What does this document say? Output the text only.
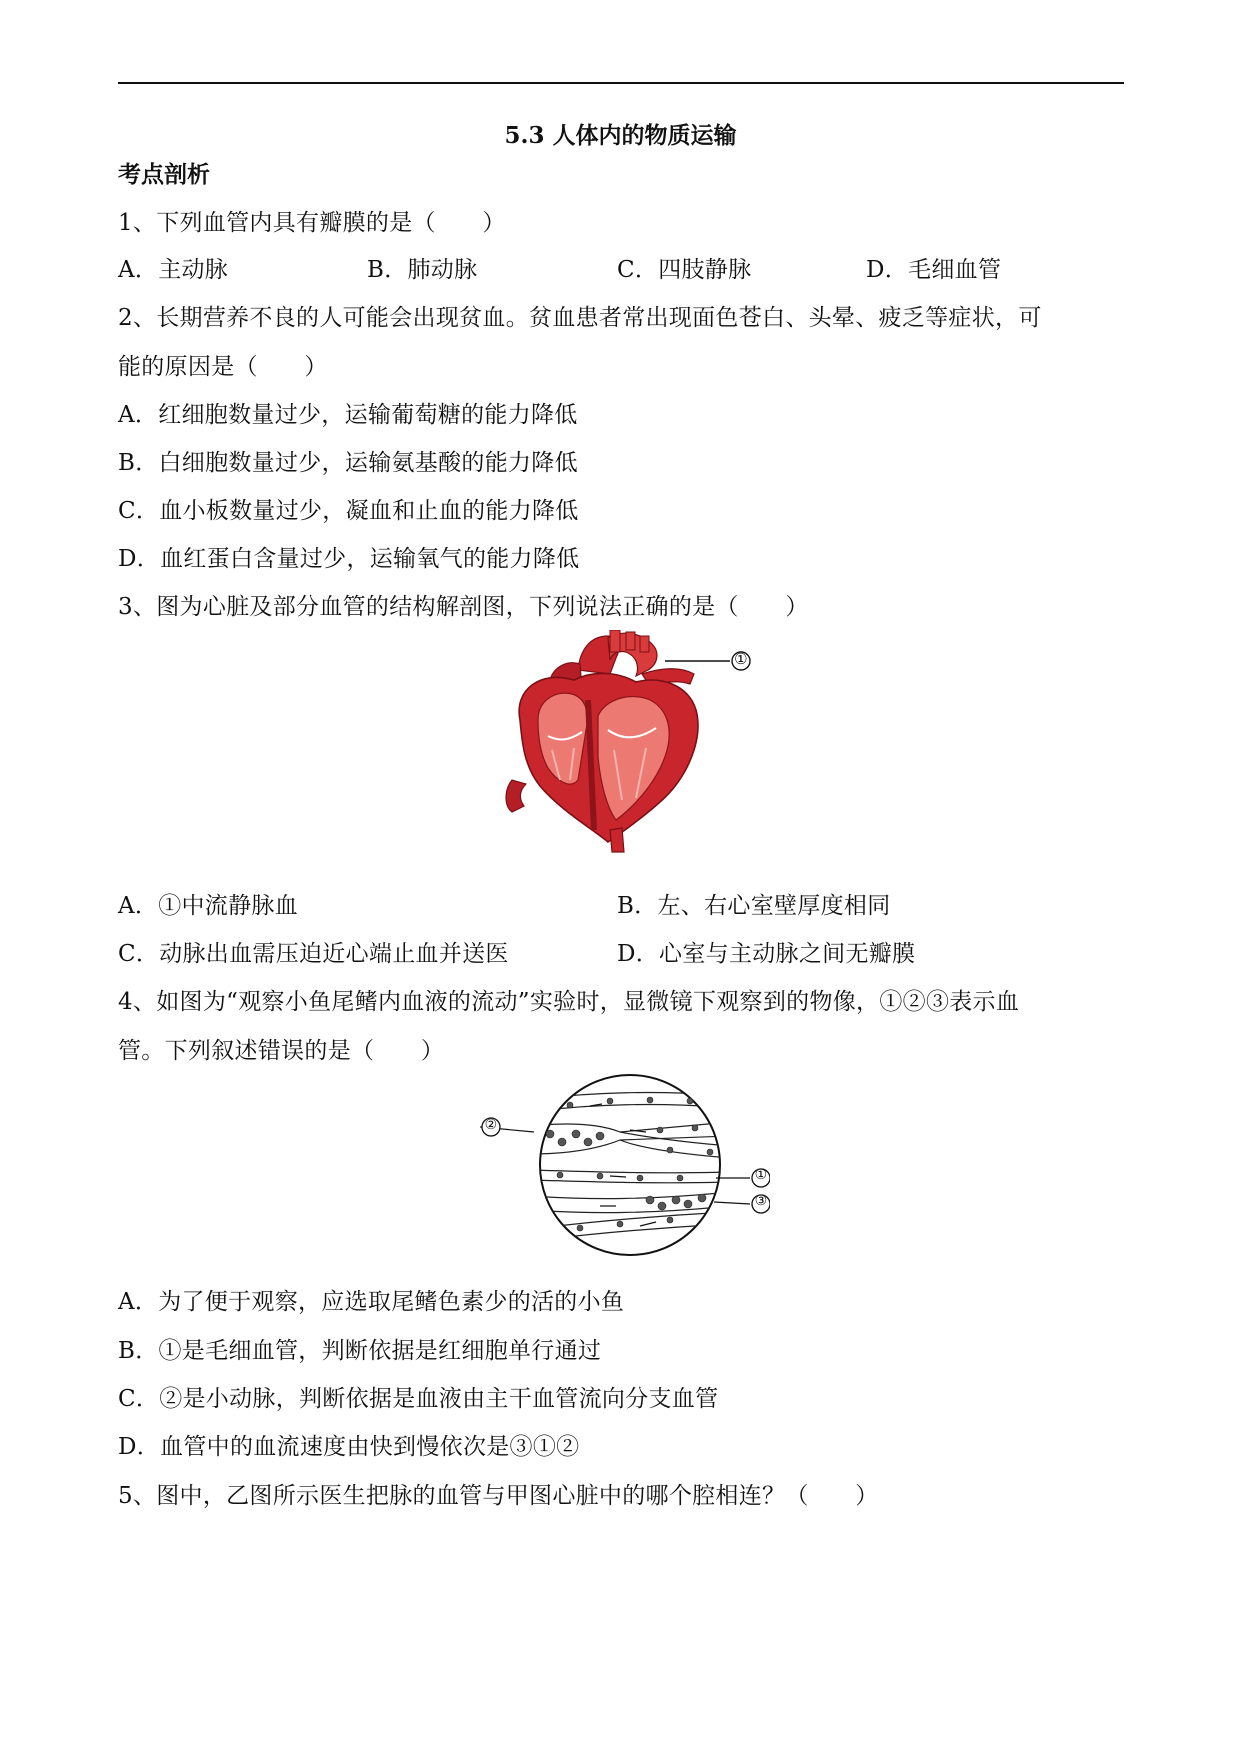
5.3 人体内的物质运输
考点剖析
1、下列血管内具有瓣膜的是（　　）
A．主动脉	B．肺动脉	C．四肢静脉	D．毛细血管
2、长期营养不良的人可能会出现贫血。贫血患者常出现面色苍白、头晕、疲乏等症状，可
能的原因是（　　）
A．红细胞数量过少，运输葡萄糖的能力降低
B．白细胞数量过少，运输氨基酸的能力降低
C．血小板数量过少，凝血和止血的能力降低
D．血红蛋白含量过少，运输氧气的能力降低
3、图为心脏及部分血管的结构解剖图，下列说法正确的是（　　）
①
A．①中流静脉血	B．左、右心室壁厚度相同
C．动脉出血需压迫近心端止血并送医	D．心室与主动脉之间无瓣膜
4、如图为“观察小鱼尾鳍内血液的流动”实验时，显微镜下观察到的物像，①②③表示血
管。下列叙述错误的是（　　）
②
①
③
A．为了便于观察，应选取尾鳍色素少的活的小鱼
B．①是毛细血管，判断依据是红细胞单行通过
C．②是小动脉，判断依据是血液由主干血管流向分支血管
D．血管中的血流速度由快到慢依次是③①②
5、图中，乙图所示医生把脉的血管与甲图心脏中的哪个腔相连？（　　）
